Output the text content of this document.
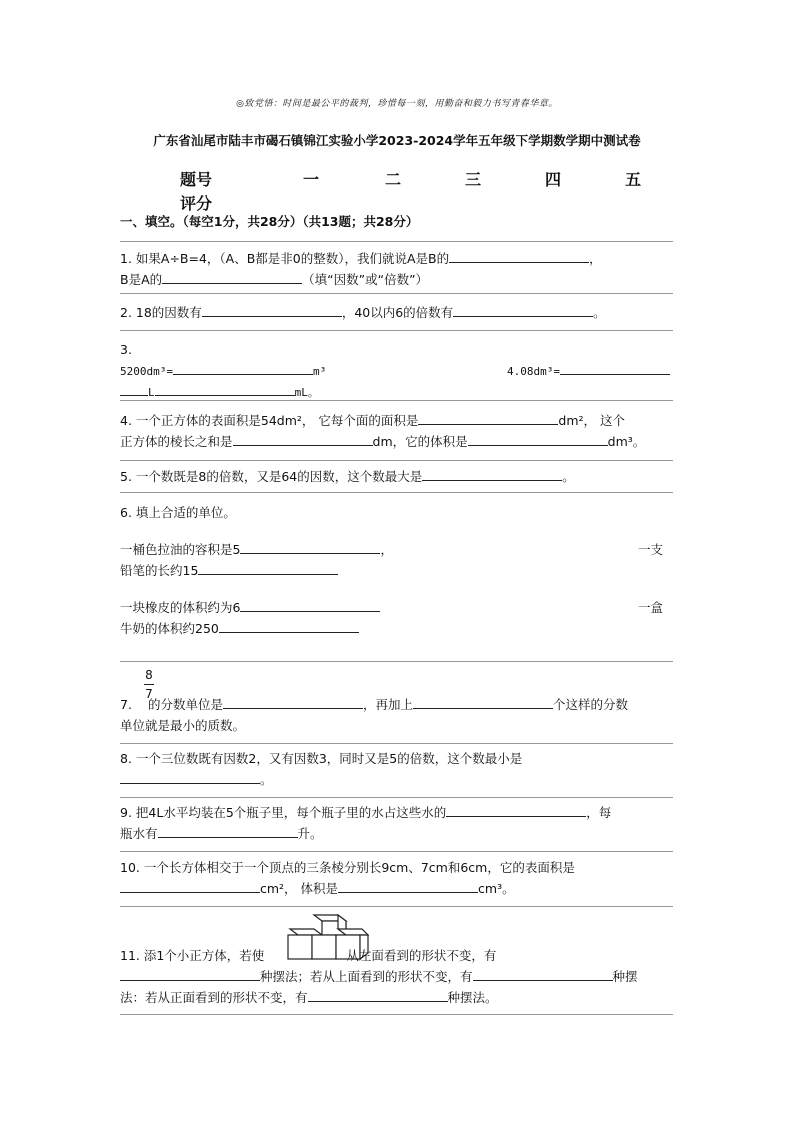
◎致党悟：时间是最公平的裁判，珍惜每一刻，用勤奋和毅力书写青春华章。
广东省汕尾市陆丰市碣石镇锦江实验小学2023-2024学年五年级下学期数学期中测试卷
题号	一	二	三	四	五
评分
一、填空。（每空1分，共28分）（共13题；共28分）
1. 如果A÷B=4，（A、B都是非0的整数），我们就说A是B的	，
B是A的	（填“因数”或“倍数”）
2. 18的因数有	，40以内6的倍数有	。
3.
5200dm³=	m³	4.08dm³=
L	mL。
4. 一个正方体的表面积是54dm²， 它每个面的面积是	dm²， 这个
正方体的棱长之和是	dm，它的体积是	dm³。
5. 一个数既是8的倍数，又是64的因数，这个数最大是	。
6. 填上合适的单位。
一桶色拉油的容积是5	，	一支
铅笔的长约15
一块橡皮的体积约为6	一盒
牛奶的体积约250
8
7
7. 的分数单位是	，再加上	个这样的分数
单位就是最小的质数。
8. 一个三位数既有因数2，又有因数3，同时又是5的倍数，这个数最小是
。
9. 把4L水平均装在5个瓶子里，每个瓶子里的水占这些水的	，每
瓶水有	升。
10. 一个长方体相交于一个顶点的三条棱分别长9cm、7cm和6cm，它的表面积是
cm²， 体积是	cm³。
11. 添1个小正方体，若使	从左面看到的形状不变，有
种摆法；若从上面看到的形状不变，有	种摆
法：若从正面看到的形状不变，有	种摆法。
